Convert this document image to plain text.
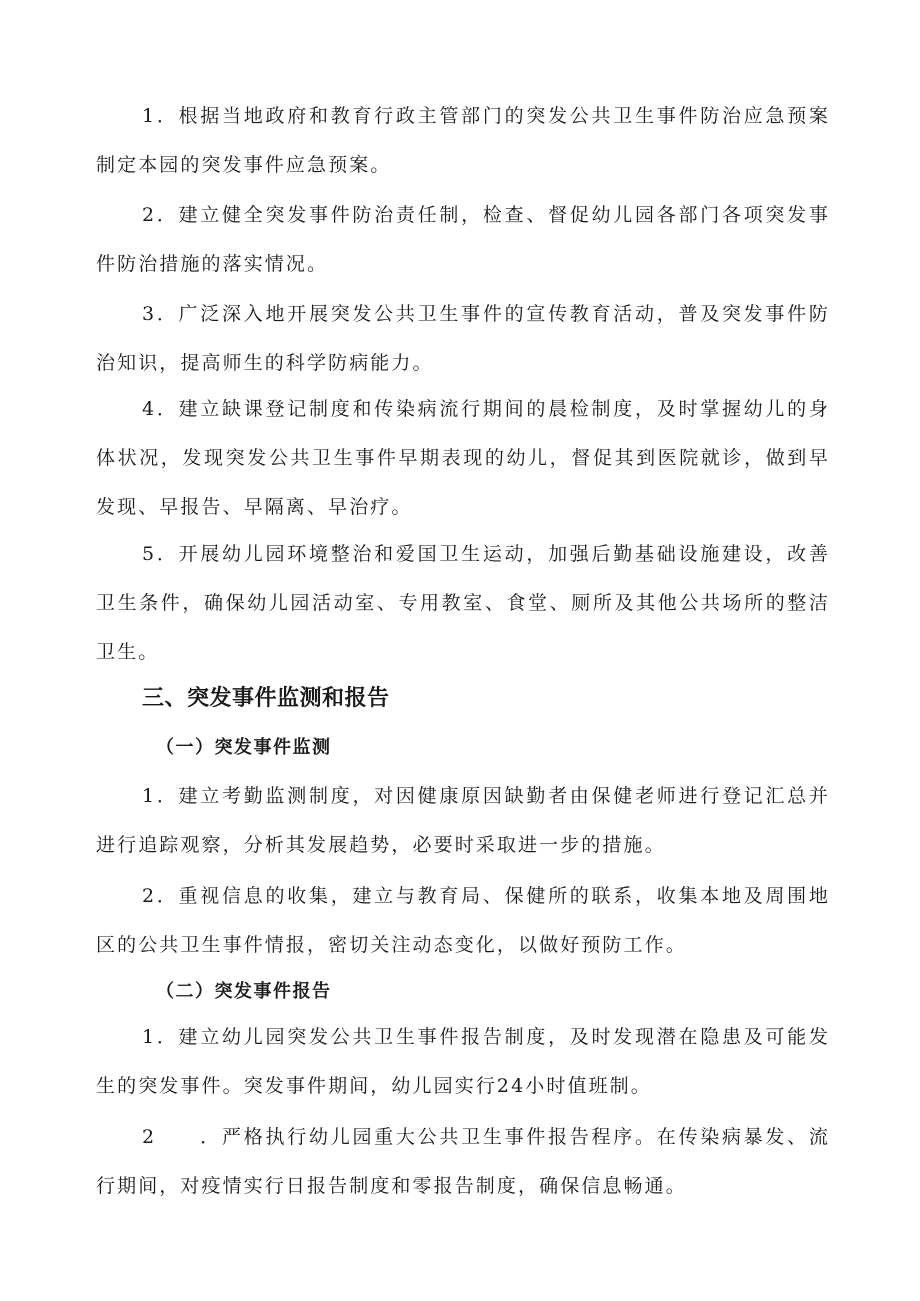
1．根据当地政府和教育行政主管部门的突发公共卫生事件防治应急预案制定本园的突发事件应急预案。

2．建立健全突发事件防治责任制，检查、督促幼儿园各部门各项突发事件防治措施的落实情况。

3．广泛深入地开展突发公共卫生事件的宣传教育活动，普及突发事件防治知识，提高师生的科学防病能力。

4．建立缺课登记制度和传染病流行期间的晨检制度，及时掌握幼儿的身体状况，发现突发公共卫生事件早期表现的幼儿，督促其到医院就诊，做到早发现、早报告、早隔离、早治疗。

5．开展幼儿园环境整治和爱国卫生运动，加强后勤基础设施建设，改善卫生条件，确保幼儿园活动室、专用教室、食堂、厕所及其他公共场所的整洁卫生。

三、突发事件监测和报告
（一）突发事件监测

1．建立考勤监测制度，对因健康原因缺勤者由保健老师进行登记汇总并进行追踪观察，分析其发展趋势，必要时采取进一步的措施。

2．重视信息的收集，建立与教育局、保健所的联系，收集本地及周围地区的公共卫生事件情报，密切关注动态变化，以做好预防工作。

（二）突发事件报告

1．建立幼儿园突发公共卫生事件报告制度，及时发现潜在隐患及可能发生的突发事件。突发事件期间，幼儿园实行24小时值班制。

2　　．严格执行幼儿园重大公共卫生事件报告程序。在传染病暴发、流行期间，对疫情实行日报告制度和零报告制度，确保信息畅通。
